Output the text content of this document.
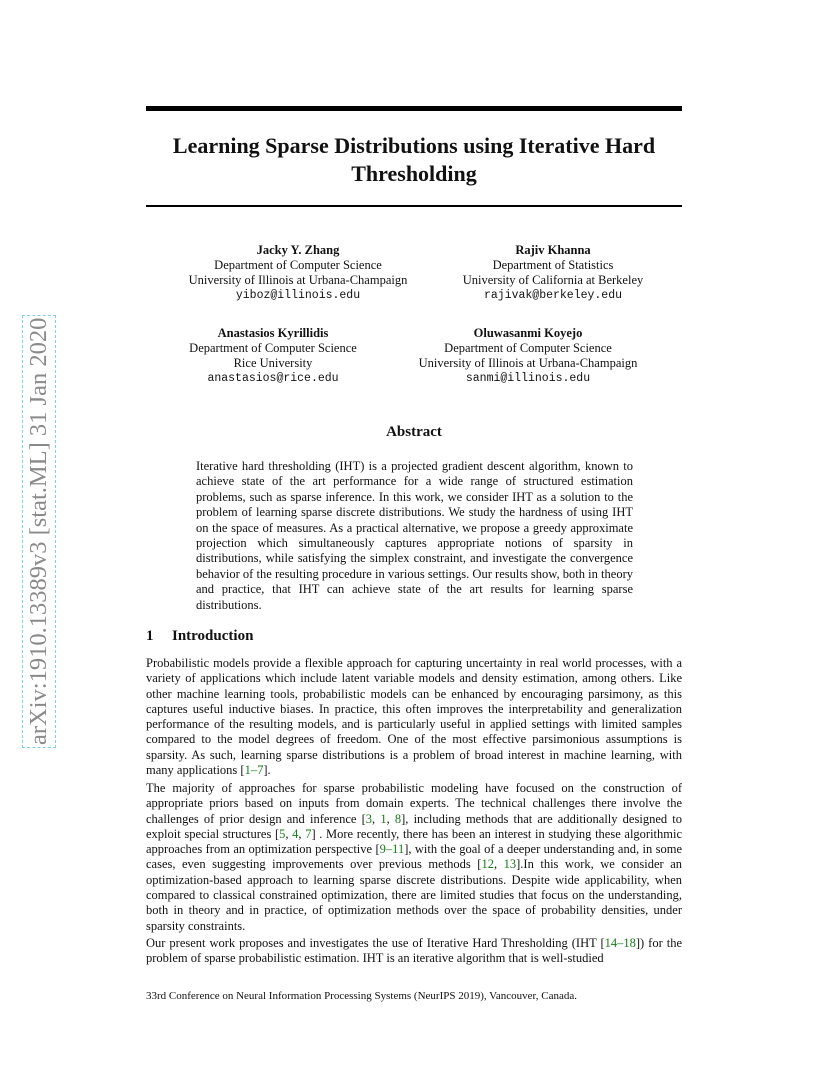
arXiv:1910.13389v3 [stat.ML] 31 Jan 2020
Learning Sparse Distributions using Iterative Hard Thresholding
Jacky Y. Zhang
Department of Computer Science
University of Illinois at Urbana-Champaign
yiboz@illinois.edu
Rajiv Khanna
Department of Statistics
University of California at Berkeley
rajivak@berkeley.edu
Anastasios Kyrillidis
Department of Computer Science
Rice University
anastasios@rice.edu
Oluwasanmi Koyejo
Department of Computer Science
University of Illinois at Urbana-Champaign
sanmi@illinois.edu
Abstract
Iterative hard thresholding (IHT) is a projected gradient descent algorithm, known to achieve state of the art performance for a wide range of structured estimation problems, such as sparse inference. In this work, we consider IHT as a solution to the problem of learning sparse discrete distributions. We study the hardness of using IHT on the space of measures. As a practical alternative, we propose a greedy approximate projection which simultaneously captures appropriate notions of sparsity in distributions, while satisfying the simplex constraint, and investigate the convergence behavior of the resulting procedure in various settings. Our results show, both in theory and practice, that IHT can achieve state of the art results for learning sparse distributions.
1 Introduction
Probabilistic models provide a flexible approach for capturing uncertainty in real world processes, with a variety of applications which include latent variable models and density estimation, among others. Like other machine learning tools, probabilistic models can be enhanced by encouraging parsimony, as this captures useful inductive biases. In practice, this often improves the interpretability and generalization performance of the resulting models, and is particularly useful in applied settings with limited samples compared to the model degrees of freedom. One of the most effective parsimonious assumptions is sparsity. As such, learning sparse distributions is a problem of broad interest in machine learning, with many applications [1–7].
The majority of approaches for sparse probabilistic modeling have focused on the construction of appropriate priors based on inputs from domain experts. The technical challenges there involve the challenges of prior design and inference [3, 1, 8], including methods that are additionally designed to exploit special structures [5, 4, 7] . More recently, there has been an interest in studying these algorithmic approaches from an optimization perspective [9–11], with the goal of a deeper understanding and, in some cases, even suggesting improvements over previous methods [12, 13].In this work, we consider an optimization-based approach to learning sparse discrete distributions. Despite wide applicability, when compared to classical constrained optimization, there are limited studies that focus on the understanding, both in theory and in practice, of optimization methods over the space of probability densities, under sparsity constraints.
Our present work proposes and investigates the use of Iterative Hard Thresholding (IHT [14–18]) for the problem of sparse probabilistic estimation. IHT is an iterative algorithm that is well-studied
33rd Conference on Neural Information Processing Systems (NeurIPS 2019), Vancouver, Canada.
